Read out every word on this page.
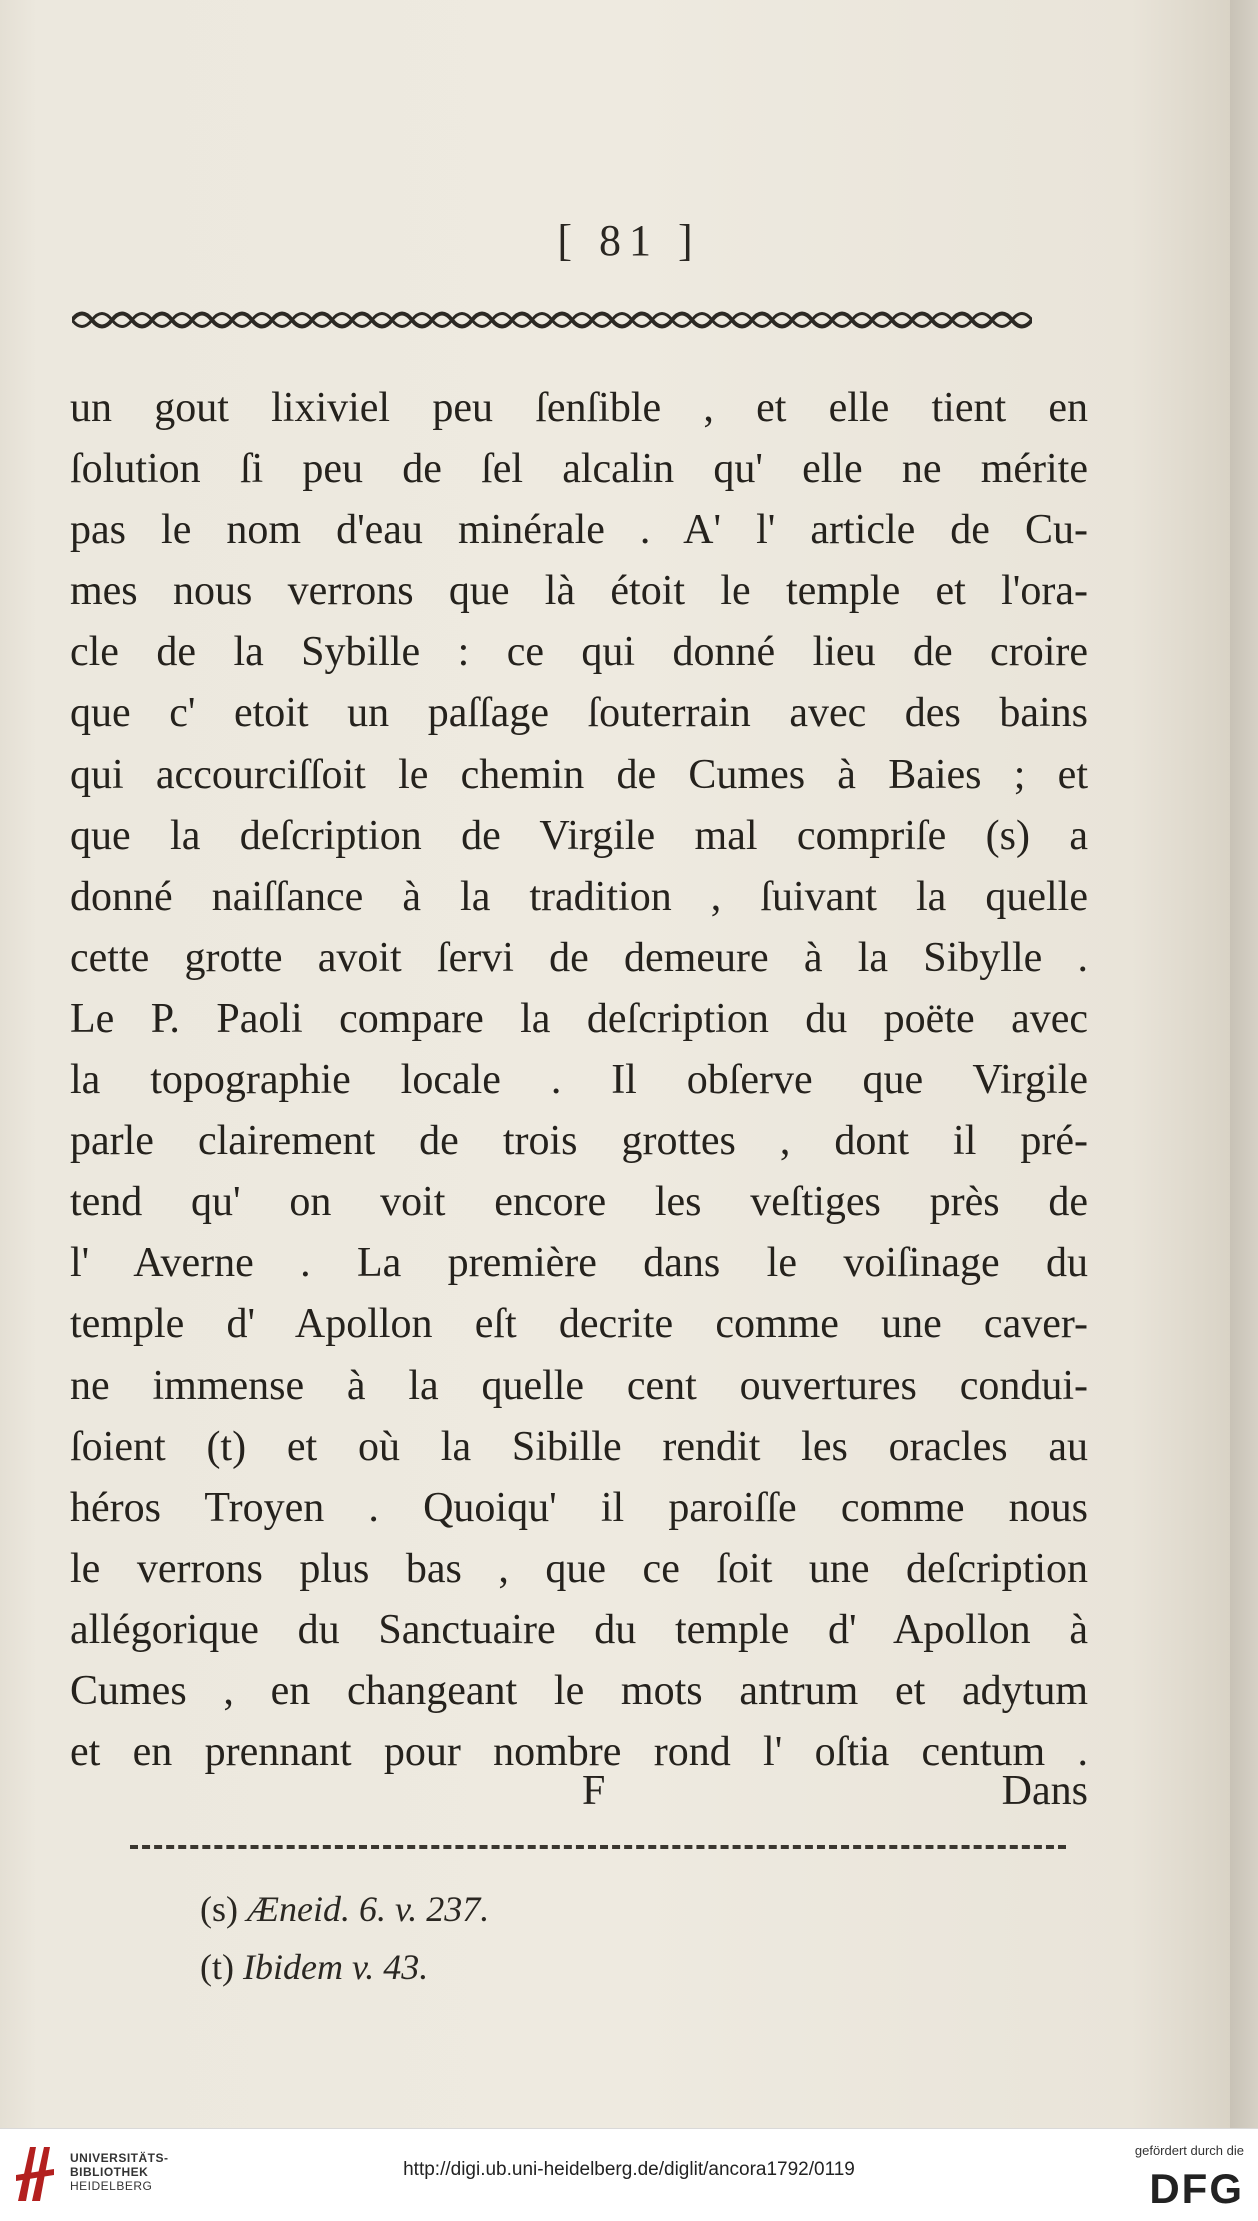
[ 81 ]
un gout lixiviel peu ſenſible , et elle tient en
ſolution ſi peu de ſel alcalin qu' elle ne mérite
pas le nom d'eau minérale . A' l' article de Cu-
mes nous verrons que là étoit le temple et l'ora-
cle de la Sybille : ce qui donné lieu de croire
que c' etoit un paſſage ſouterrain avec des bains
qui accourciſſoit le chemin de Cumes à Baies ; et
que la deſcription de Virgile mal compriſe (s) a
donné naiſſance à la tradition , ſuivant la quelle
cette grotte avoit ſervi de demeure à la Sibylle .
Le P. Paoli compare la deſcription du poëte avec
la topographie locale . Il obſerve que Virgile
parle clairement de trois grottes , dont il pré-
tend qu' on voit encore les veſtiges près de
l' Averne . La première dans le voiſinage du
temple d' Apollon eſt decrite comme une caver-
ne immense à la quelle cent ouvertures condui-
ſoient (t) et où la Sibille rendit les oracles au
héros Troyen . Quoiqu' il paroiſſe comme nous
le verrons plus bas , que ce ſoit une deſcription
allégorique du Sanctuaire du temple d' Apollon à
Cumes , en changeant le mots antrum et adytum
et en prennant pour nombre rond l' oſtia centum .
F	Dans
(s) Æneid. 6. v. 237.
(t) Ibidem v. 43.
UNIVERSITÄTS-
BIBLIOTHEK
HEIDELBERG
http://digi.ub.uni-heidelberg.de/diglit/ancora1792/0119
gefördert durch die
DFG
